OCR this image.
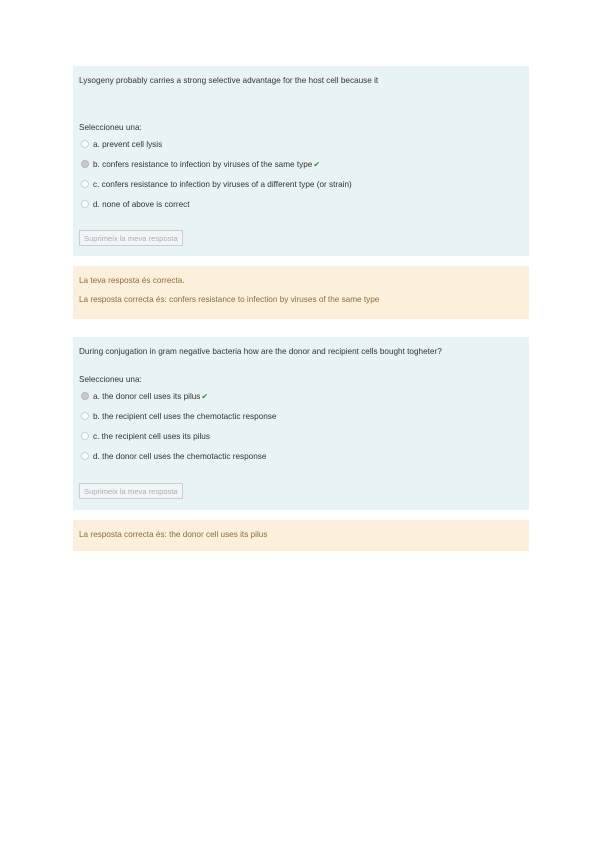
Lysogeny probably carries a strong selective advantage for the host cell because it
Seleccioneu una:
a. prevent cell lysis
b. confers resistance to infection by viruses of the same type ✔
c. confers resistance to infection by viruses of a different type (or strain)
d. none of above is correct
Suprimeix la meva resposta
La teva resposta és correcta.
La resposta correcta és: confers resistance to infection by viruses of the same type
During conjugation in gram negative bacteria how are the donor and recipient cells bought togheter?
Seleccioneu una:
a. the donor cell uses its pilus ✔
b. the recipient cell uses the chemotactic response
c. the recipient cell uses its pilus
d. the donor cell uses the chemotactic response
Suprimeix la meva resposta
La resposta correcta és: the donor cell uses its pilus
